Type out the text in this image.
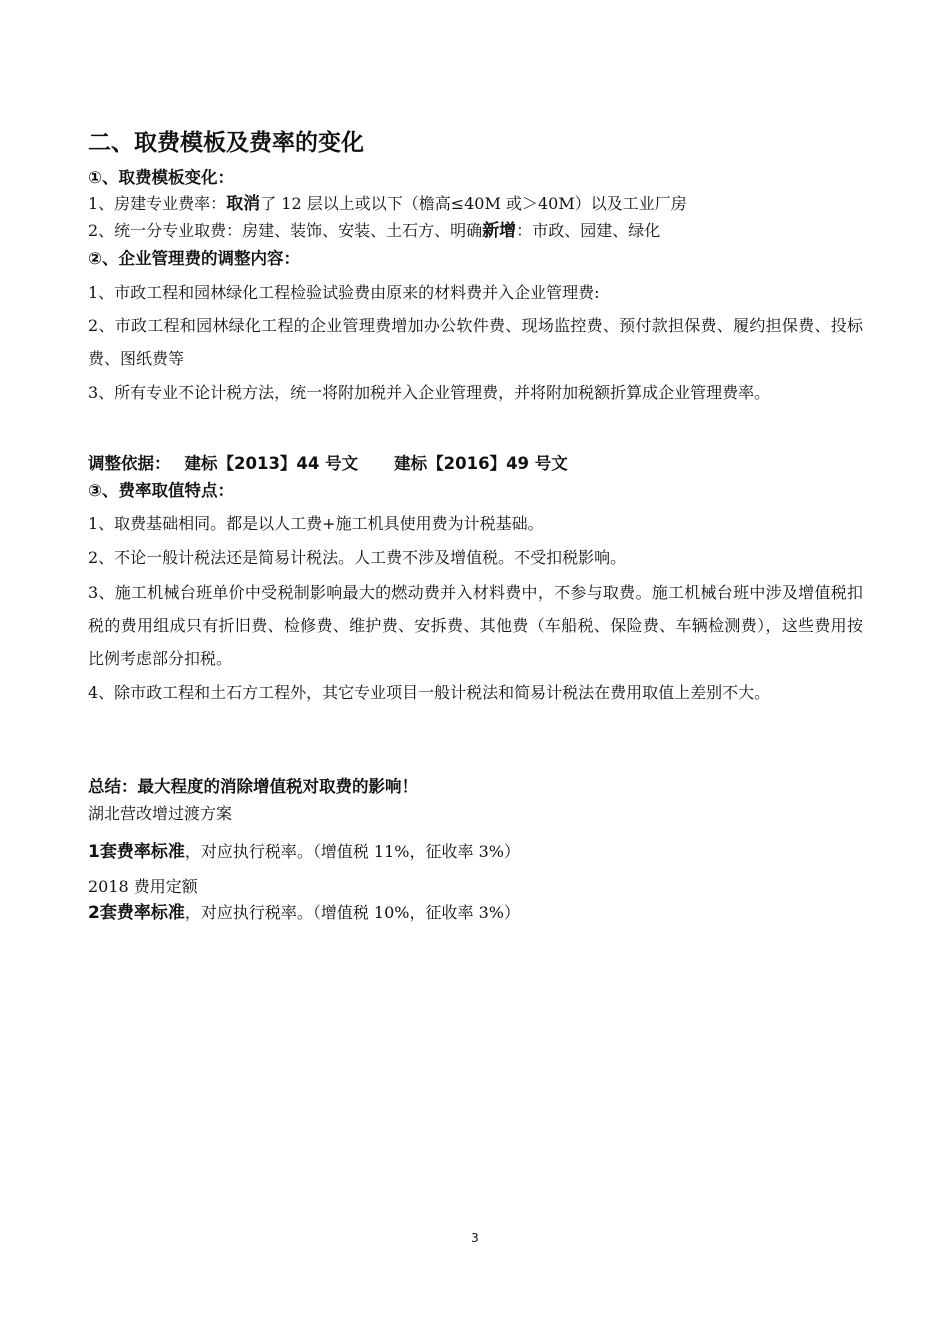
二、取费模板及费率的变化
①、取费模板变化：
1、房建专业费率：取消了 12 层以上或以下（檐高≤40M 或＞40M）以及工业厂房
2、统一分专业取费：房建、装饰、安装、土石方、明确新增：市政、园建、绿化
②、企业管理费的调整内容：
1、市政工程和园林绿化工程检验试验费由原来的材料费并入企业管理费:
2、市政工程和园林绿化工程的企业管理费增加办公软件费、现场监控费、预付款担保费、履约担保费、投标费、图纸费等
3、所有专业不论计税方法，统一将附加税并入企业管理费，并将附加税额折算成企业管理费率。
调整依据： 建标【2013】44 号文 建标【2016】49 号文
③、费率取值特点：
1、取费基础相同。都是以人工费+施工机具使用费为计税基础。
2、不论一般计税法还是简易计税法。人工费不涉及增值税。不受扣税影响。
3、施工机械台班单价中受税制影响最大的燃动费并入材料费中，不参与取费。施工机械台班中涉及增值税扣税的费用组成只有折旧费、检修费、维护费、安拆费、其他费（车船税、保险费、车辆检测费），这些费用按比例考虑部分扣税。
4、除市政工程和土石方工程外，其它专业项目一般计税法和简易计税法在费用取值上差别不大。
总结：最大程度的消除增值税对取费的影响！
湖北营改增过渡方案
1套费率标准，对应执行税率。（增值税 11%，征收率 3%）
2018 费用定额
2套费率标准，对应执行税率。（增值税 10%，征收率 3%）
3
